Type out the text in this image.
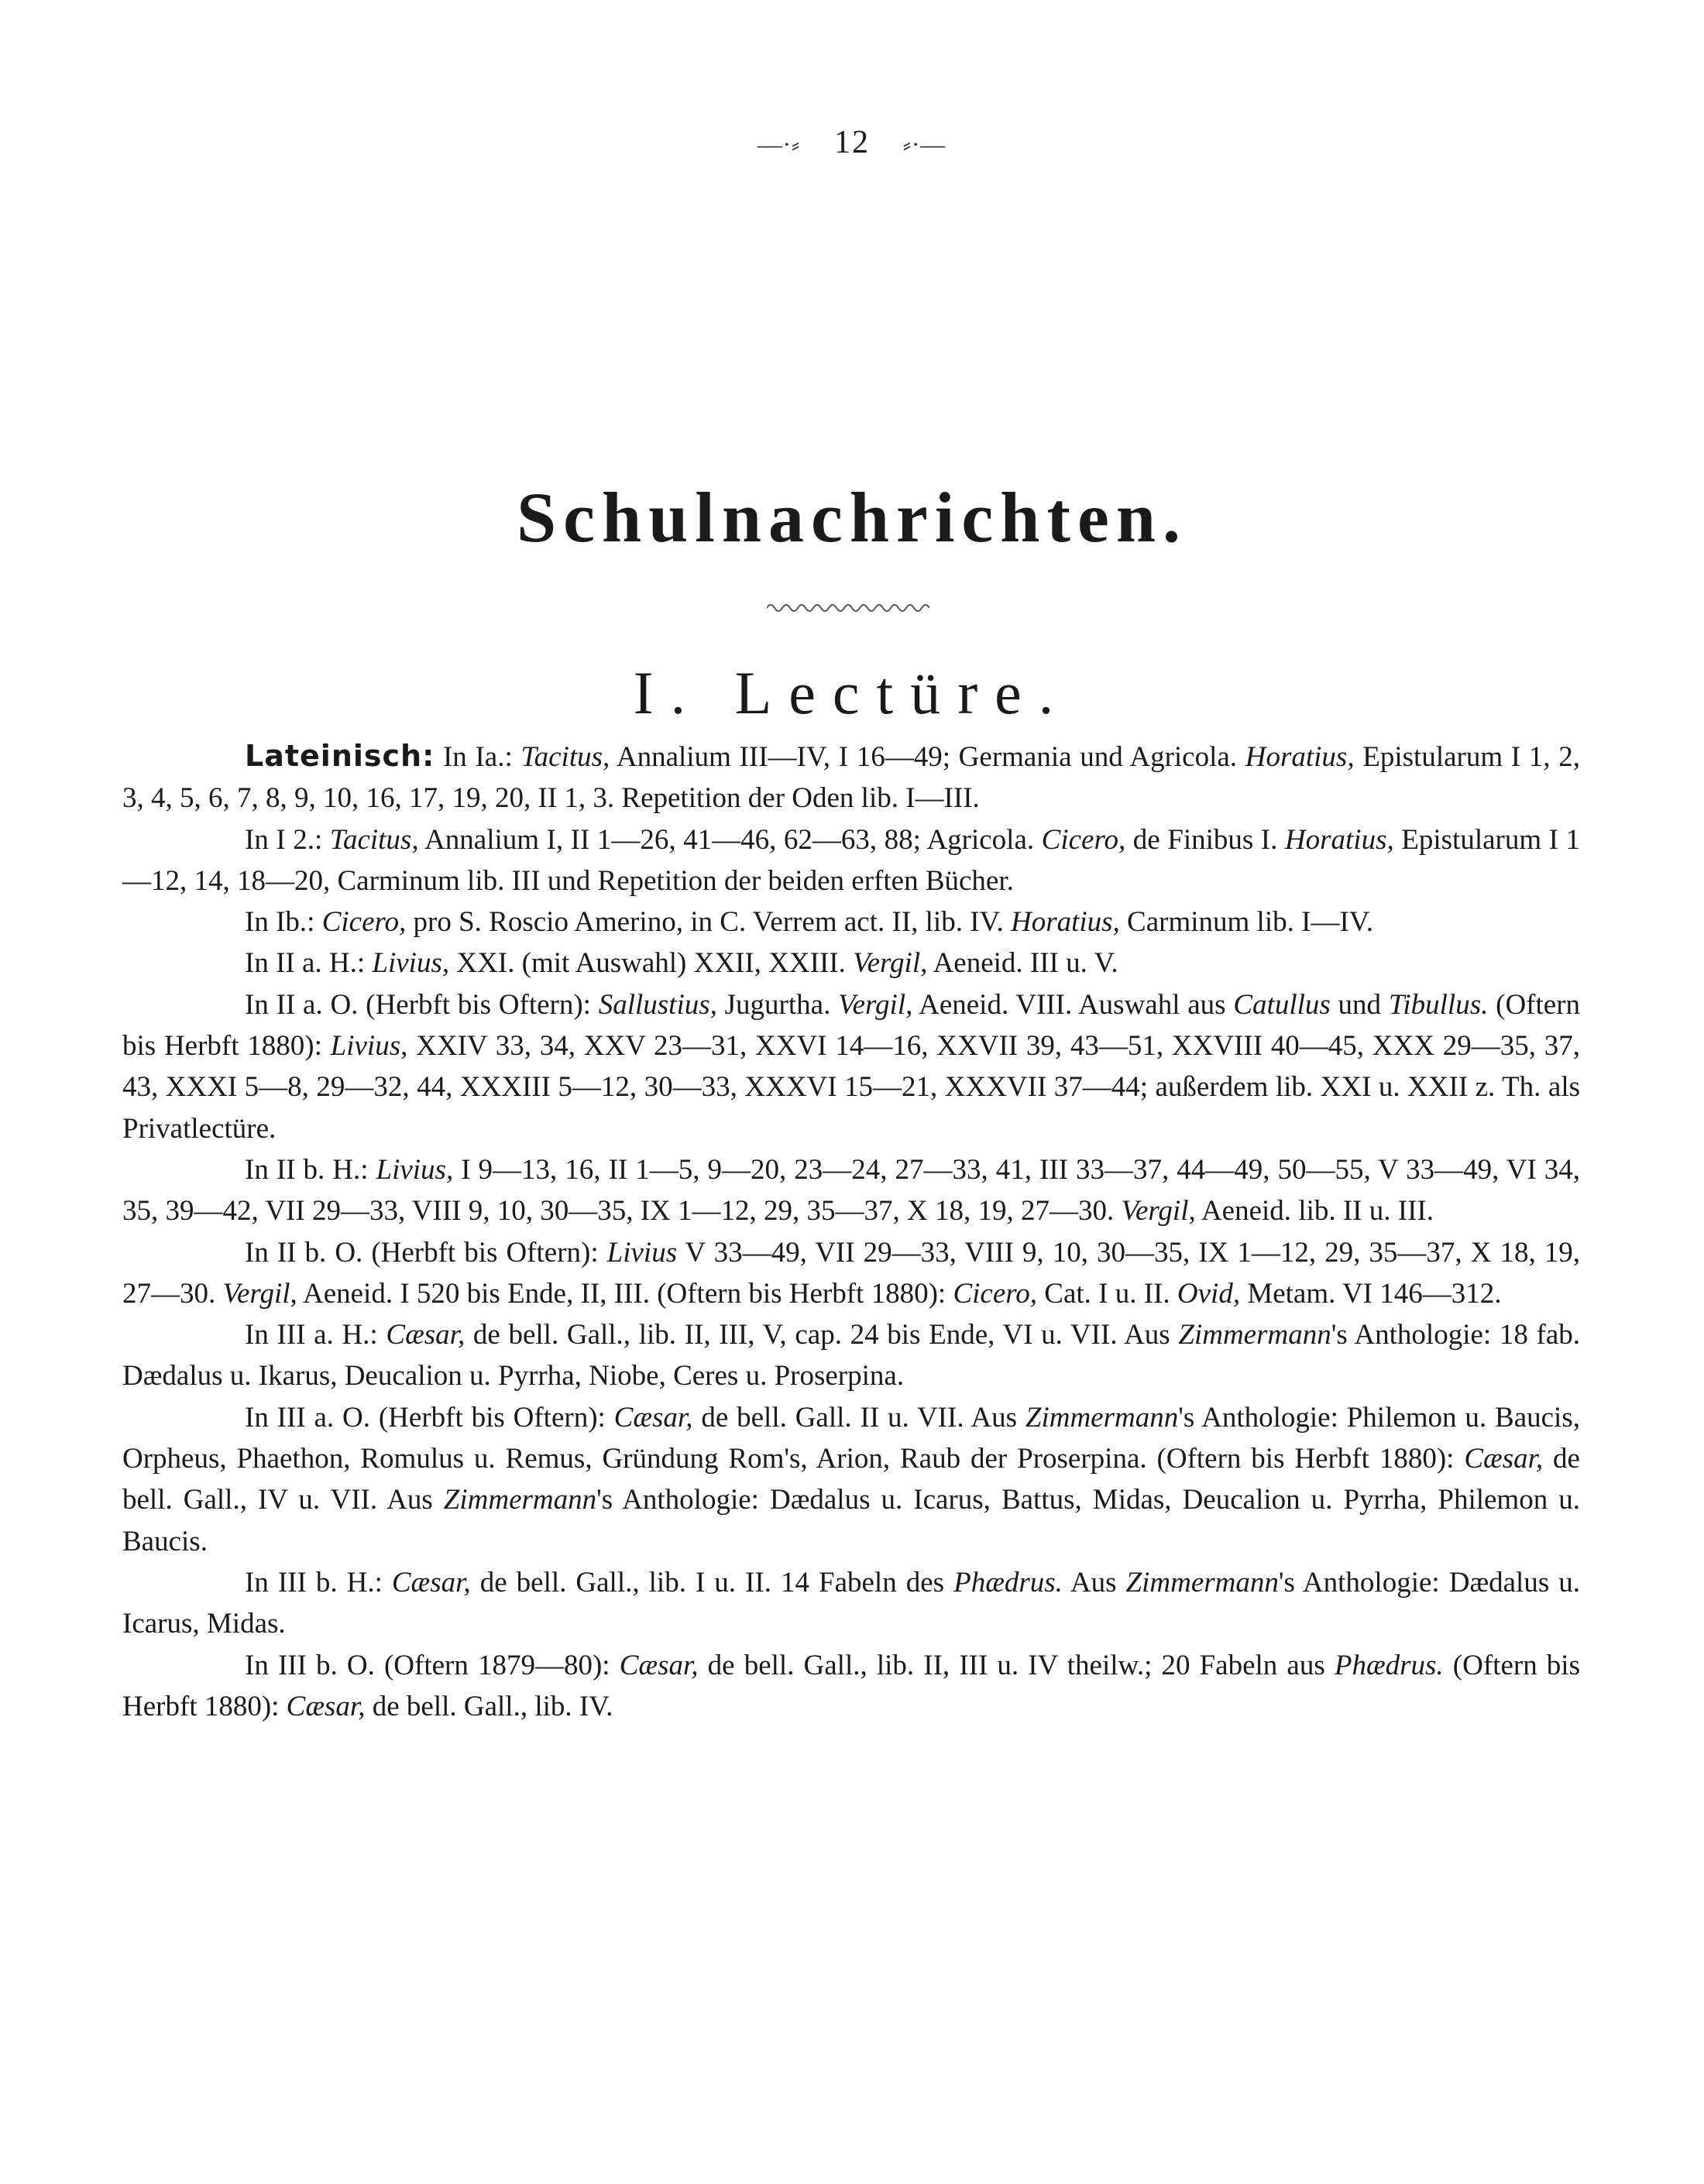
—∙⸗ 12 ⸗∙—
Schulnachrichten.
I. Lectüre.

Lateinisch: In Ia.: Tacitus, Annalium III—IV, I 16—49; Germania und Agricola. Horatius, Epistularum I 1, 2, 3, 4, 5, 6, 7, 8, 9, 10, 16, 17, 19, 20, II 1, 3. Repetition der Oden lib. I—III.

In I 2.: Tacitus, Annalium I, II 1—26, 41—46, 62—63, 88; Agricola. Cicero, de Finibus I. Horatius, Epistularum I 1—12, 14, 18—20, Carminum lib. III und Repetition der beiden erften Bücher.

In Ib.: Cicero, pro S. Roscio Amerino, in C. Verrem act. II, lib. IV. Horatius, Carminum lib. I—IV.

In II a. H.: Livius, XXI. (mit Auswahl) XXII, XXIII. Vergil, Aeneid. III u. V.

In II a. O. (Herbft bis Oftern): Sallustius, Jugurtha. Vergil, Aeneid. VIII. Auswahl aus Catullus und Tibullus. (Oftern bis Herbft 1880): Livius, XXIV 33, 34, XXV 23—31, XXVI 14—16, XXVII 39, 43—51, XXVIII 40—45, XXX 29—35, 37, 43, XXXI 5—8, 29—32, 44, XXXIII 5—12, 30—33, XXXVI 15—21, XXXVII 37—44; außerdem lib. XXI u. XXII z. Th. als Privatlectüre.

In II b. H.: Livius, I 9—13, 16, II 1—5, 9—20, 23—24, 27—33, 41, III 33—37, 44—49, 50—55, V 33—49, VI 34, 35, 39—42, VII 29—33, VIII 9, 10, 30—35, IX 1—12, 29, 35—37, X 18, 19, 27—30. Vergil, Aeneid. lib. II u. III.

In II b. O. (Herbft bis Oftern): Livius V 33—49, VII 29—33, VIII 9, 10, 30—35, IX 1—12, 29, 35—37, X 18, 19, 27—30. Vergil, Aeneid. I 520 bis Ende, II, III. (Oftern bis Herbft 1880): Cicero, Cat. I u. II. Ovid, Metam. VI 146—312.

In III a. H.: Cæsar, de bell. Gall., lib. II, III, V, cap. 24 bis Ende, VI u. VII. Aus Zimmermann's Anthologie: 18 fab. Dædalus u. Ikarus, Deucalion u. Pyrrha, Niobe, Ceres u. Proserpina.

In III a. O. (Herbft bis Oftern): Cæsar, de bell. Gall. II u. VII. Aus Zimmermann's Anthologie: Philemon u. Baucis, Orpheus, Phaethon, Romulus u. Remus, Gründung Rom's, Arion, Raub der Proserpina. (Oftern bis Herbft 1880): Cæsar, de bell. Gall., IV u. VII. Aus Zimmermann's Anthologie: Dædalus u. Icarus, Battus, Midas, Deucalion u. Pyrrha, Philemon u. Baucis.

In III b. H.: Cæsar, de bell. Gall., lib. I u. II. 14 Fabeln des Phædrus. Aus Zimmermann's Anthologie: Dædalus u. Icarus, Midas.

In III b. O. (Oftern 1879—80): Cæsar, de bell. Gall., lib. II, III u. IV theilw.; 20 Fabeln aus Phædrus. (Oftern bis Herbft 1880): Cæsar, de bell. Gall., lib. IV.
